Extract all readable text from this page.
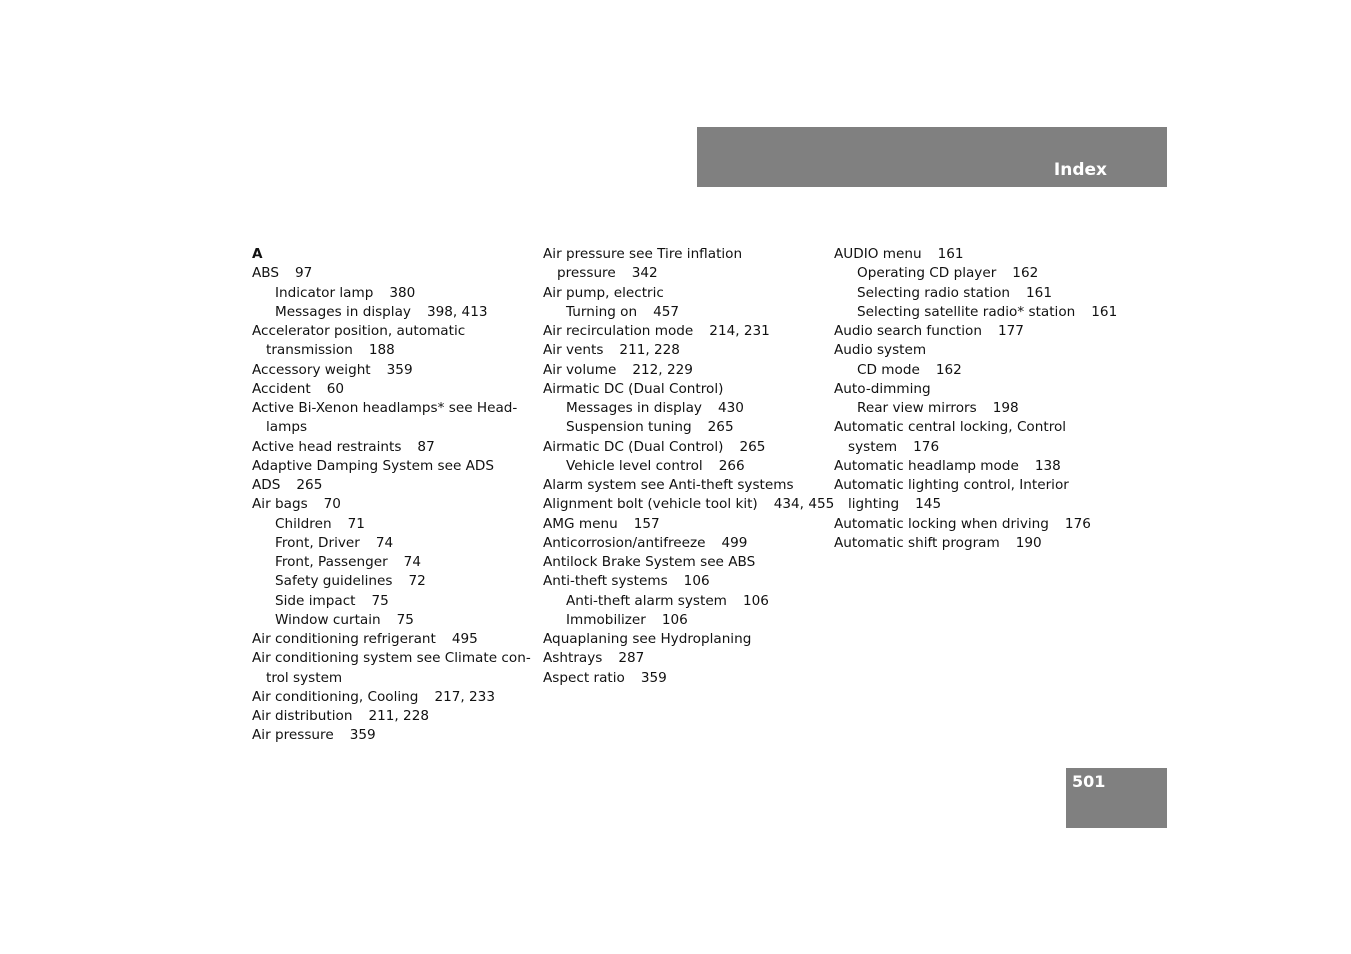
Index
A
ABS 97
Indicator lamp 380
Messages in display 398, 413
Accelerator position, automatic
transmission 188
Accessory weight 359
Accident 60
Active Bi-Xenon headlamps* see Head-
lamps
Active head restraints 87
Adaptive Damping System see ADS
ADS 265
Air bags 70
Children 71
Front, Driver 74
Front, Passenger 74
Safety guidelines 72
Side impact 75
Window curtain 75
Air conditioning refrigerant 495
Air conditioning system see Climate con-
trol system
Air conditioning, Cooling 217, 233
Air distribution 211, 228
Air pressure 359
Air pressure see Tire inflation
pressure 342
Air pump, electric
Turning on 457
Air recirculation mode 214, 231
Air vents 211, 228
Air volume 212, 229
Airmatic DC (Dual Control)
Messages in display 430
Suspension tuning 265
Airmatic DC (Dual Control) 265
Vehicle level control 266
Alarm system see Anti-theft systems
Alignment bolt (vehicle tool kit) 434, 455
AMG menu 157
Anticorrosion/antifreeze 499
Antilock Brake System see ABS
Anti-theft systems 106
Anti-theft alarm system 106
Immobilizer 106
Aquaplaning see Hydroplaning
Ashtrays 287
Aspect ratio 359
AUDIO menu 161
Operating CD player 162
Selecting radio station 161
Selecting satellite radio* station 161
Audio search function 177
Audio system
CD mode 162
Auto-dimming
Rear view mirrors 198
Automatic central locking, Control
system 176
Automatic headlamp mode 138
Automatic lighting control, Interior
lighting 145
Automatic locking when driving 176
Automatic shift program 190
501
